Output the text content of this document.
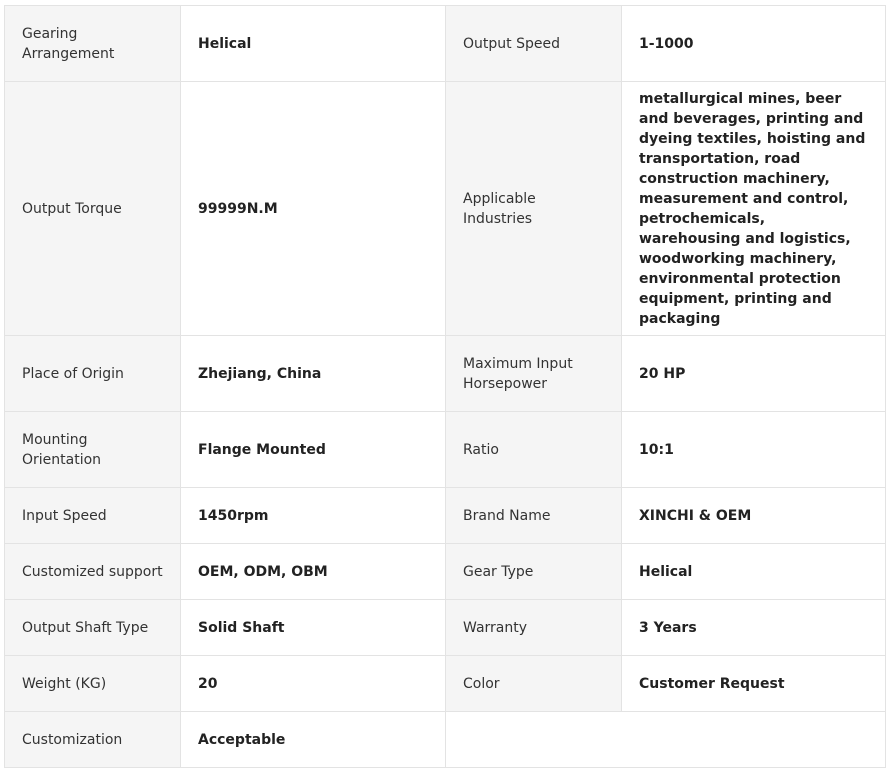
Gearing Arrangement	Helical	Output Speed	1-1000
Output Torque	99999N.M	Applicable Industries	metallurgical mines, beer and beverages, printing and dyeing textiles, hoisting and transportation, road construction machinery, measurement and control, petrochemicals, warehousing and logistics, woodworking machinery, environmental protection equipment, printing and packaging
Place of Origin	Zhejiang, China	Maximum Input Horsepower	20 HP
Mounting Orientation	Flange Mounted	Ratio	10:1
Input Speed	1450rpm	Brand Name	XINCHI & OEM
Customized support	OEM, ODM, OBM	Gear Type	Helical
Output Shaft Type	Solid Shaft	Warranty	3 Years
Weight (KG)	20	Color	Customer Request
Customization	Acceptable		
